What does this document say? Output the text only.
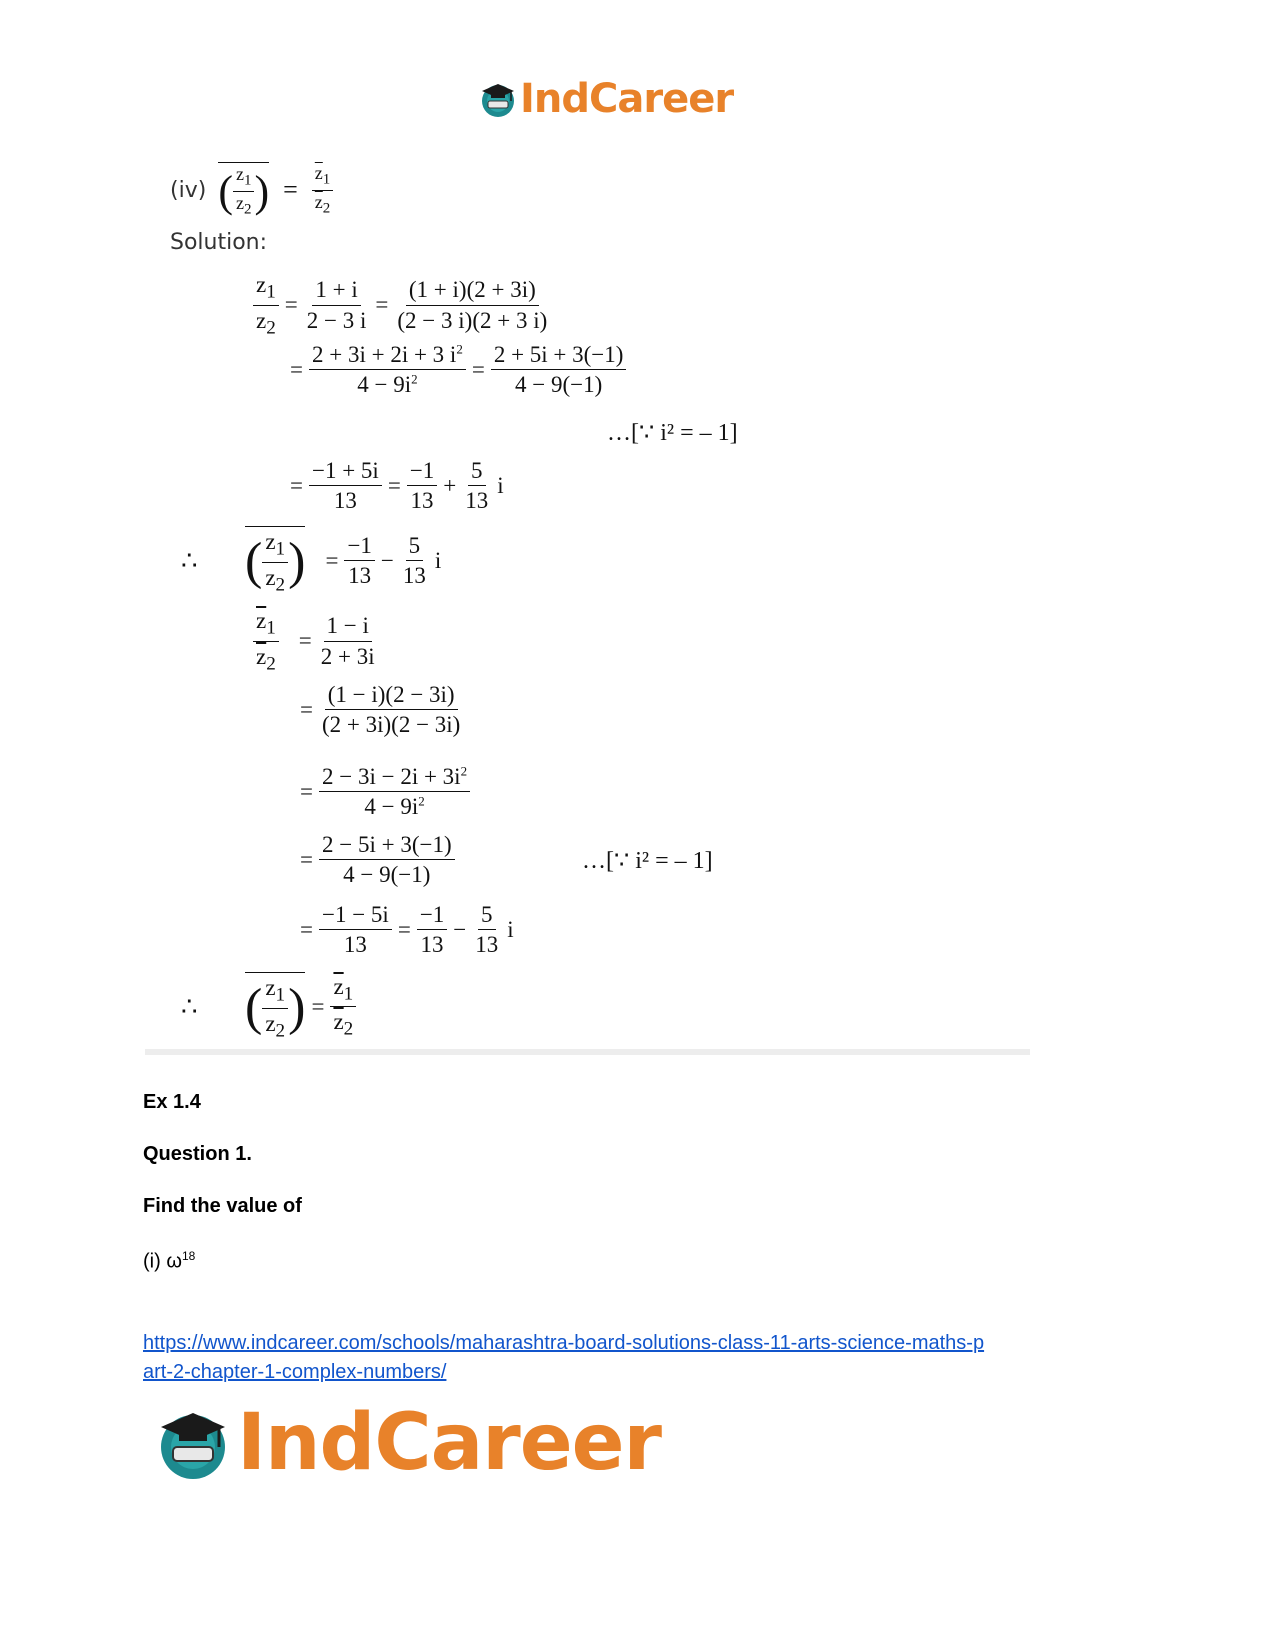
IndCareer
(iv) ( $\frac{z_1}{z_2}$ ) = $\frac{\overline{z}_1}{\overline{z}_2}$
Solution:
$\frac{z_1}{z_2} = \frac{1 + i}{2 - 3 i} = \frac{(1 + i)(2 + 3i)}{(2 - 3 i)(2 + 3 i)}$
= $\frac{2 + 3i + 2i + 3 i^2}{4 - 9i^2} = \frac{2 + 5i + 3(-1)}{4 - 9(-1)}$
…[∵ i² = – 1]
= $\frac{-1 + 5i}{13} = \frac{-1}{13} + \frac{5}{13}$ i
∴ ( $\frac{z_1}{z_2}$ ) = $\frac{-1}{13} - \frac{5}{13}$ i
$\frac{\overline{z}_1}{\overline{z}_2} = \frac{1 - i}{2 + 3i}$
= $\frac{(1 - i)(2 - 3i)}{(2 + 3i)(2 - 3i)}$
= $\frac{2 - 3i - 2i + 3i^2}{4 - 9i^2}$
= $\frac{2 - 5i + 3(-1)}{4 - 9(-1)}$	…[∵ i² = – 1]
= $\frac{-1 - 5i}{13} = \frac{-1}{13} - \frac{5}{13}$ i
∴ ( $\frac{z_1}{z_2}$ ) = $\frac{\overline{z}_1}{\overline{z}_2}$
Ex 1.4
Question 1.
Find the value of
(i) $\omega^{18}$
https://www.indcareer.com/schools/maharashtra-board-solutions-class-11-arts-science-maths-p
art-2-chapter-1-complex-numbers/
IndCareer
